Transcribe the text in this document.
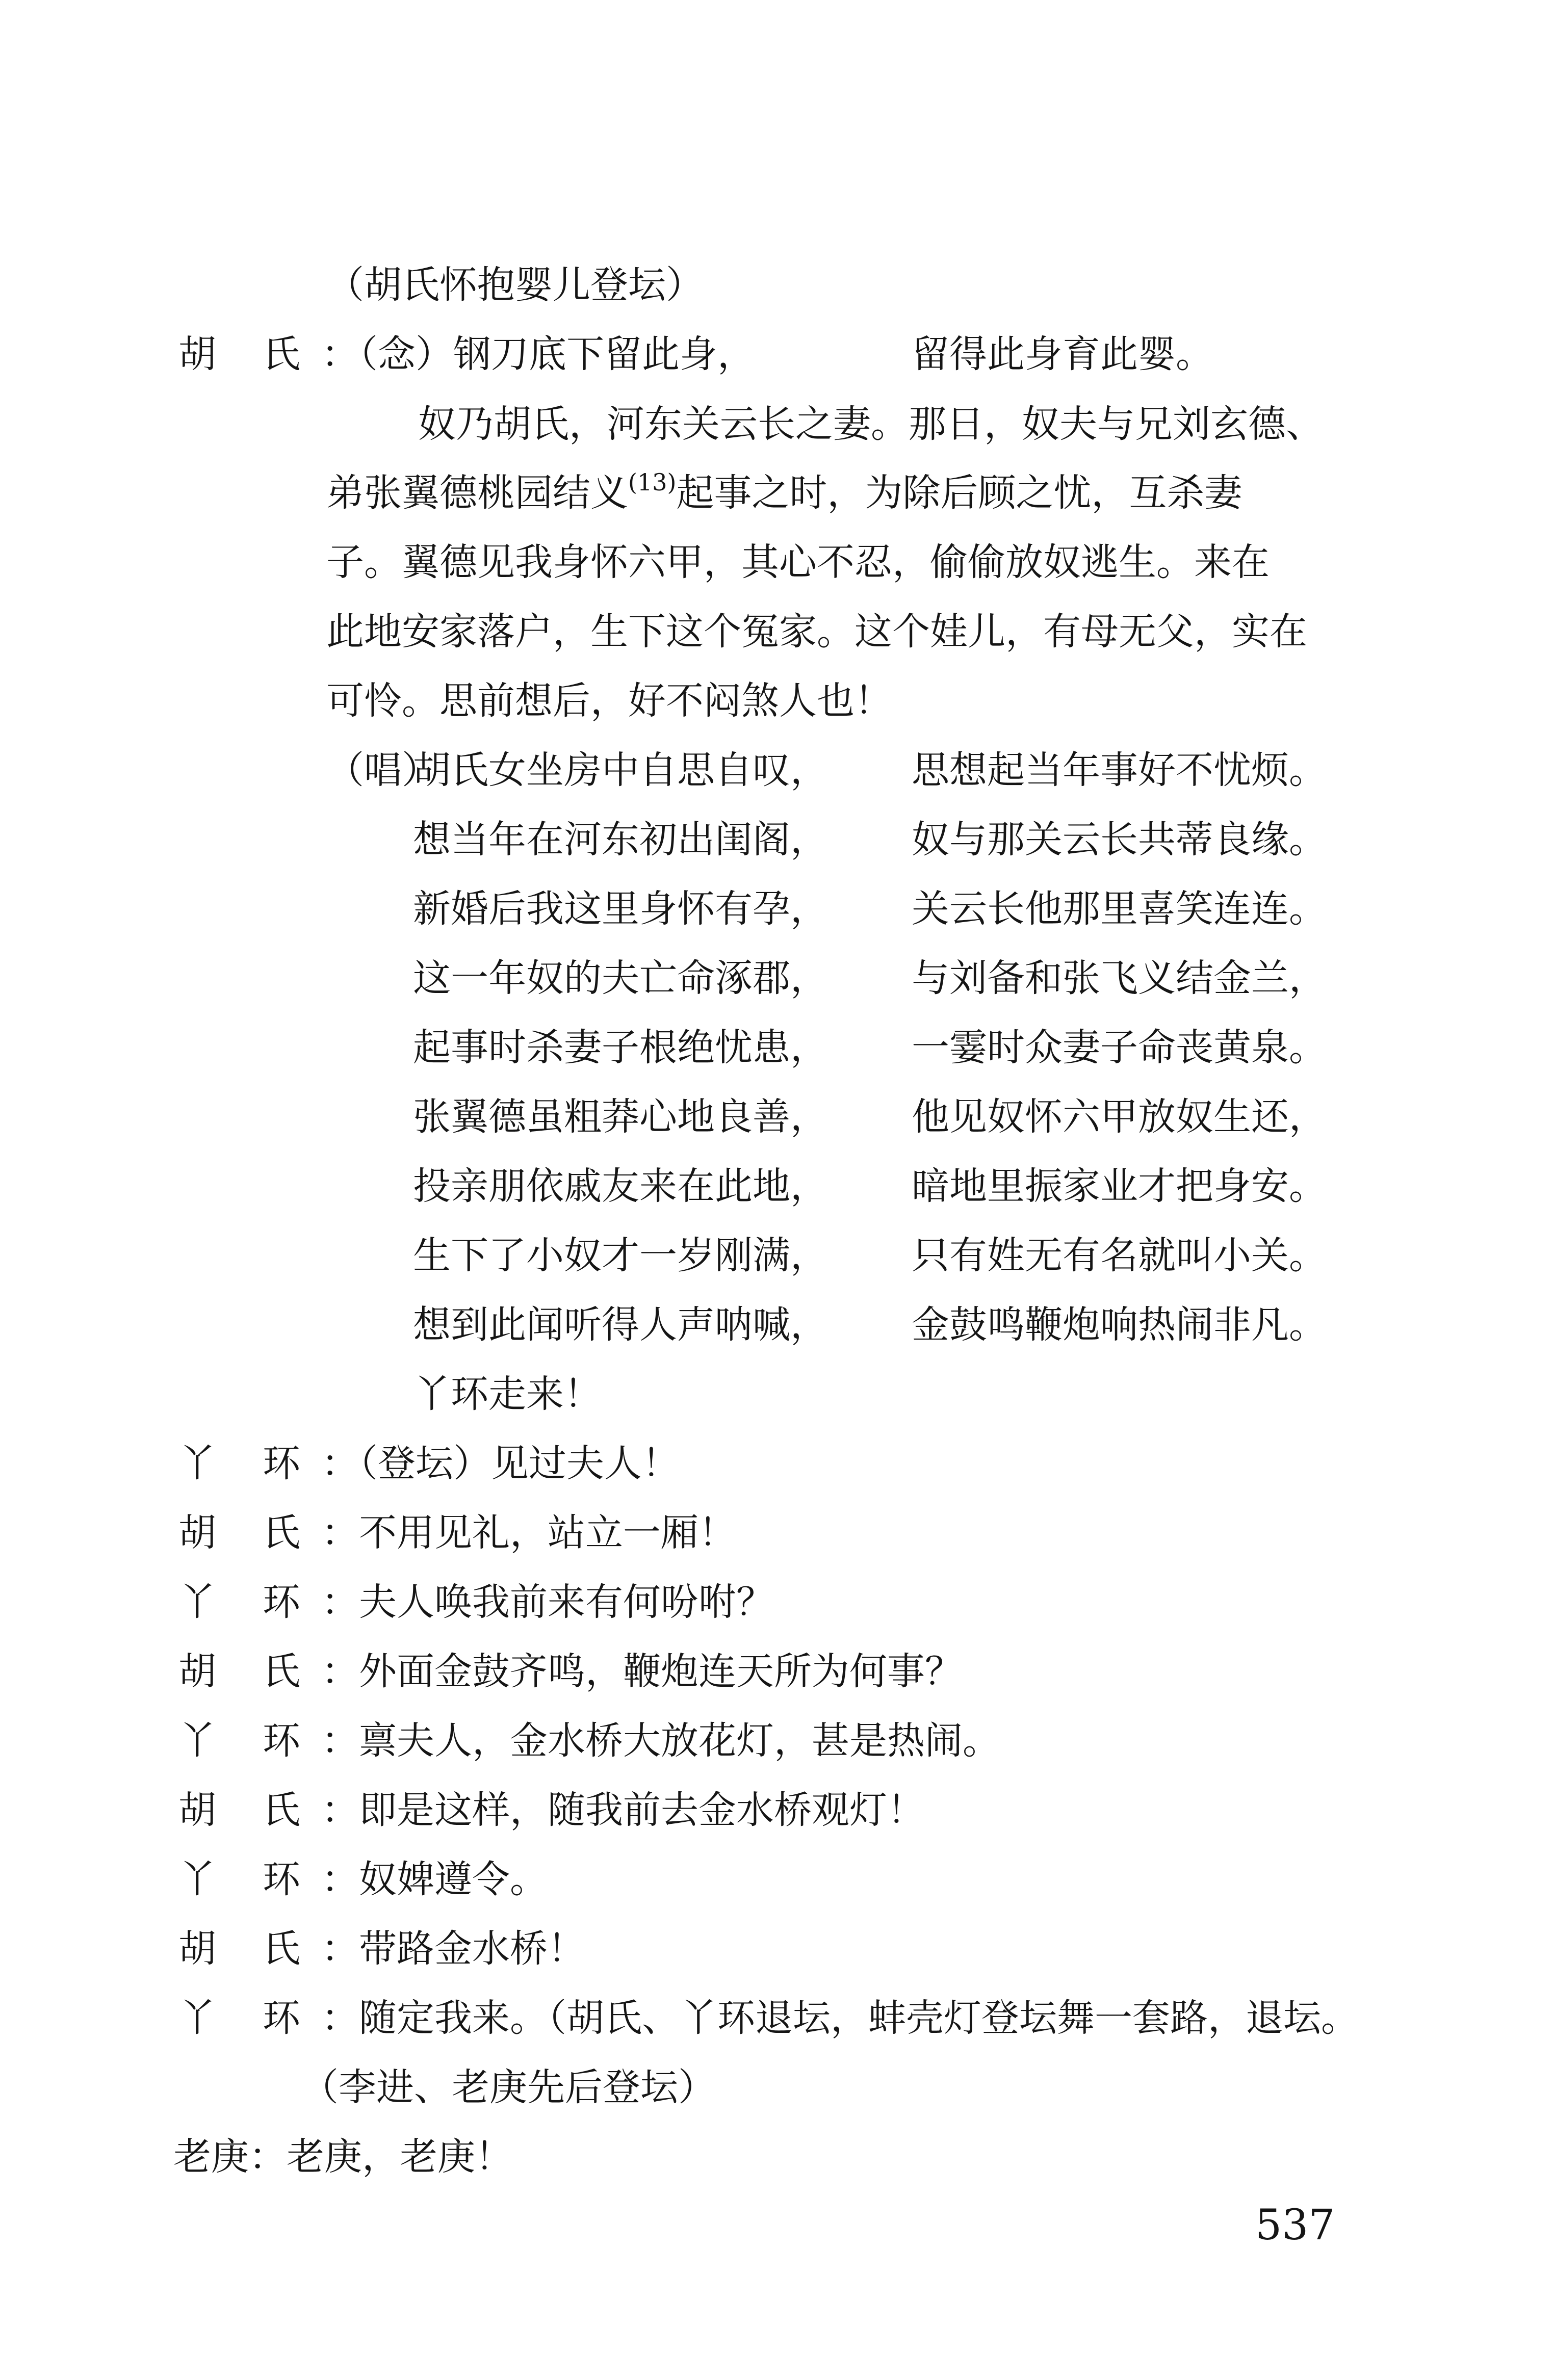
（胡氏怀抱婴儿登坛）
胡 氏 ：（念）钢刀底下留此身，	留得此身育此婴。
奴乃胡氏，河东关云长之妻。那日，奴夫与兄刘玄德、
弟张翼德桃园结义$^{(13)}$起事之时，为除后顾之忧，互杀妻
子。翼德见我身怀六甲，其心不忍，偷偷放奴逃生。来在
此地安家落户，生下这个冤家。这个娃儿，有母无父，实在
可怜。思前想后，好不闷煞人也！
（唱）
胡氏女坐房中自思自叹， 思想起当年事好不忧烦。
想当年在河东初出闺阁， 奴与那关云长共蒂良缘。
新婚后我这里身怀有孕， 关云长他那里喜笑连连。
这一年奴的夫亡命涿郡， 与刘备和张飞义结金兰，
起事时杀妻子根绝忧患， 一霎时众妻子命丧黄泉。
张翼德虽粗莽心地良善， 他见奴怀六甲放奴生还，
投亲朋依戚友来在此地， 暗地里振家业才把身安。
生下了小奴才一岁刚满， 只有姓无有名就叫小关。
想到此闻听得人声呐喊， 金鼓鸣鞭炮响热闹非凡。
丫环走来！
丫 环 ：（登坛）见过夫人！
胡 氏 ：不用见礼，站立一厢！
丫 环 ：夫人唤我前来有何吩咐？
胡 氏 ：外面金鼓齐鸣，鞭炮连天所为何事？
丫 环 ：禀夫人，金水桥大放花灯，甚是热闹。
胡 氏 ：即是这样，随我前去金水桥观灯！
丫 环 ：奴婢遵令。
胡 氏 ：带路金水桥！
丫 环 ：随定我来。（胡氏、丫环退坛，蚌壳灯登坛舞一套路，退坛。
（李进、老庚先后登坛）
老庚：老庚，老庚！
537
